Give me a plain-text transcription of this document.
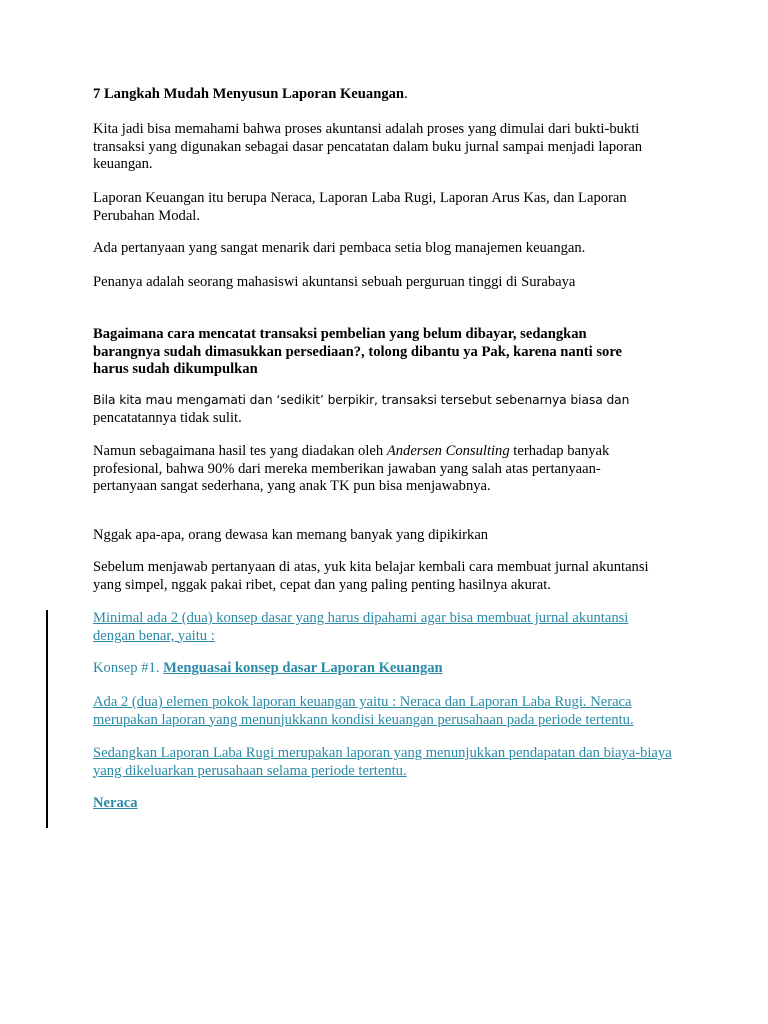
7 Langkah Mudah Menyusun Laporan Keuangan.

Kita jadi bisa memahami bahwa proses akuntansi adalah proses yang dimulai dari bukti-bukti transaksi yang digunakan sebagai dasar pencatatan dalam buku jurnal sampai menjadi laporan keuangan.

Laporan Keuangan itu berupa Neraca, Laporan Laba Rugi, Laporan Arus Kas, dan Laporan Perubahan Modal.

Ada pertanyaan yang sangat menarik dari pembaca setia blog manajemen keuangan.

Penanya adalah seorang mahasiswi akuntansi sebuah perguruan tinggi di Surabaya

Bagaimana cara mencatat transaksi pembelian yang belum dibayar, sedangkan barangnya sudah dimasukkan persediaan?, tolong dibantu ya Pak, karena nanti sore harus sudah dikumpulkan

Bila kita mau mengamati dan ‘sedikit’ berpikir, transaksi tersebut sebenarnya biasa dan
pencatatannya tidak sulit.

Namun sebagaimana hasil tes yang diadakan oleh Andersen Consulting terhadap banyak profesional, bahwa 90% dari mereka memberikan jawaban yang salah atas pertanyaan-pertanyaan sangat sederhana, yang anak TK pun bisa menjawabnya.

Nggak apa-apa, orang dewasa kan memang banyak yang dipikirkan

Sebelum menjawab pertanyaan di atas, yuk kita belajar kembali cara membuat jurnal akuntansi yang simpel, nggak pakai ribet, cepat dan yang paling penting hasilnya akurat.

Minimal ada 2 (dua) konsep dasar yang harus dipahami agar bisa membuat jurnal akuntansi dengan benar, yaitu :

Konsep #1. Menguasai konsep dasar Laporan Keuangan

Ada 2 (dua) elemen pokok laporan keuangan yaitu : Neraca dan Laporan Laba Rugi. Neraca merupakan laporan yang menunjukkann kondisi keuangan perusahaan pada periode tertentu.

Sedangkan Laporan Laba Rugi merupakan laporan yang menunjukkan pendapatan dan biaya-biaya yang dikeluarkan perusahaan selama periode tertentu.

Neraca
